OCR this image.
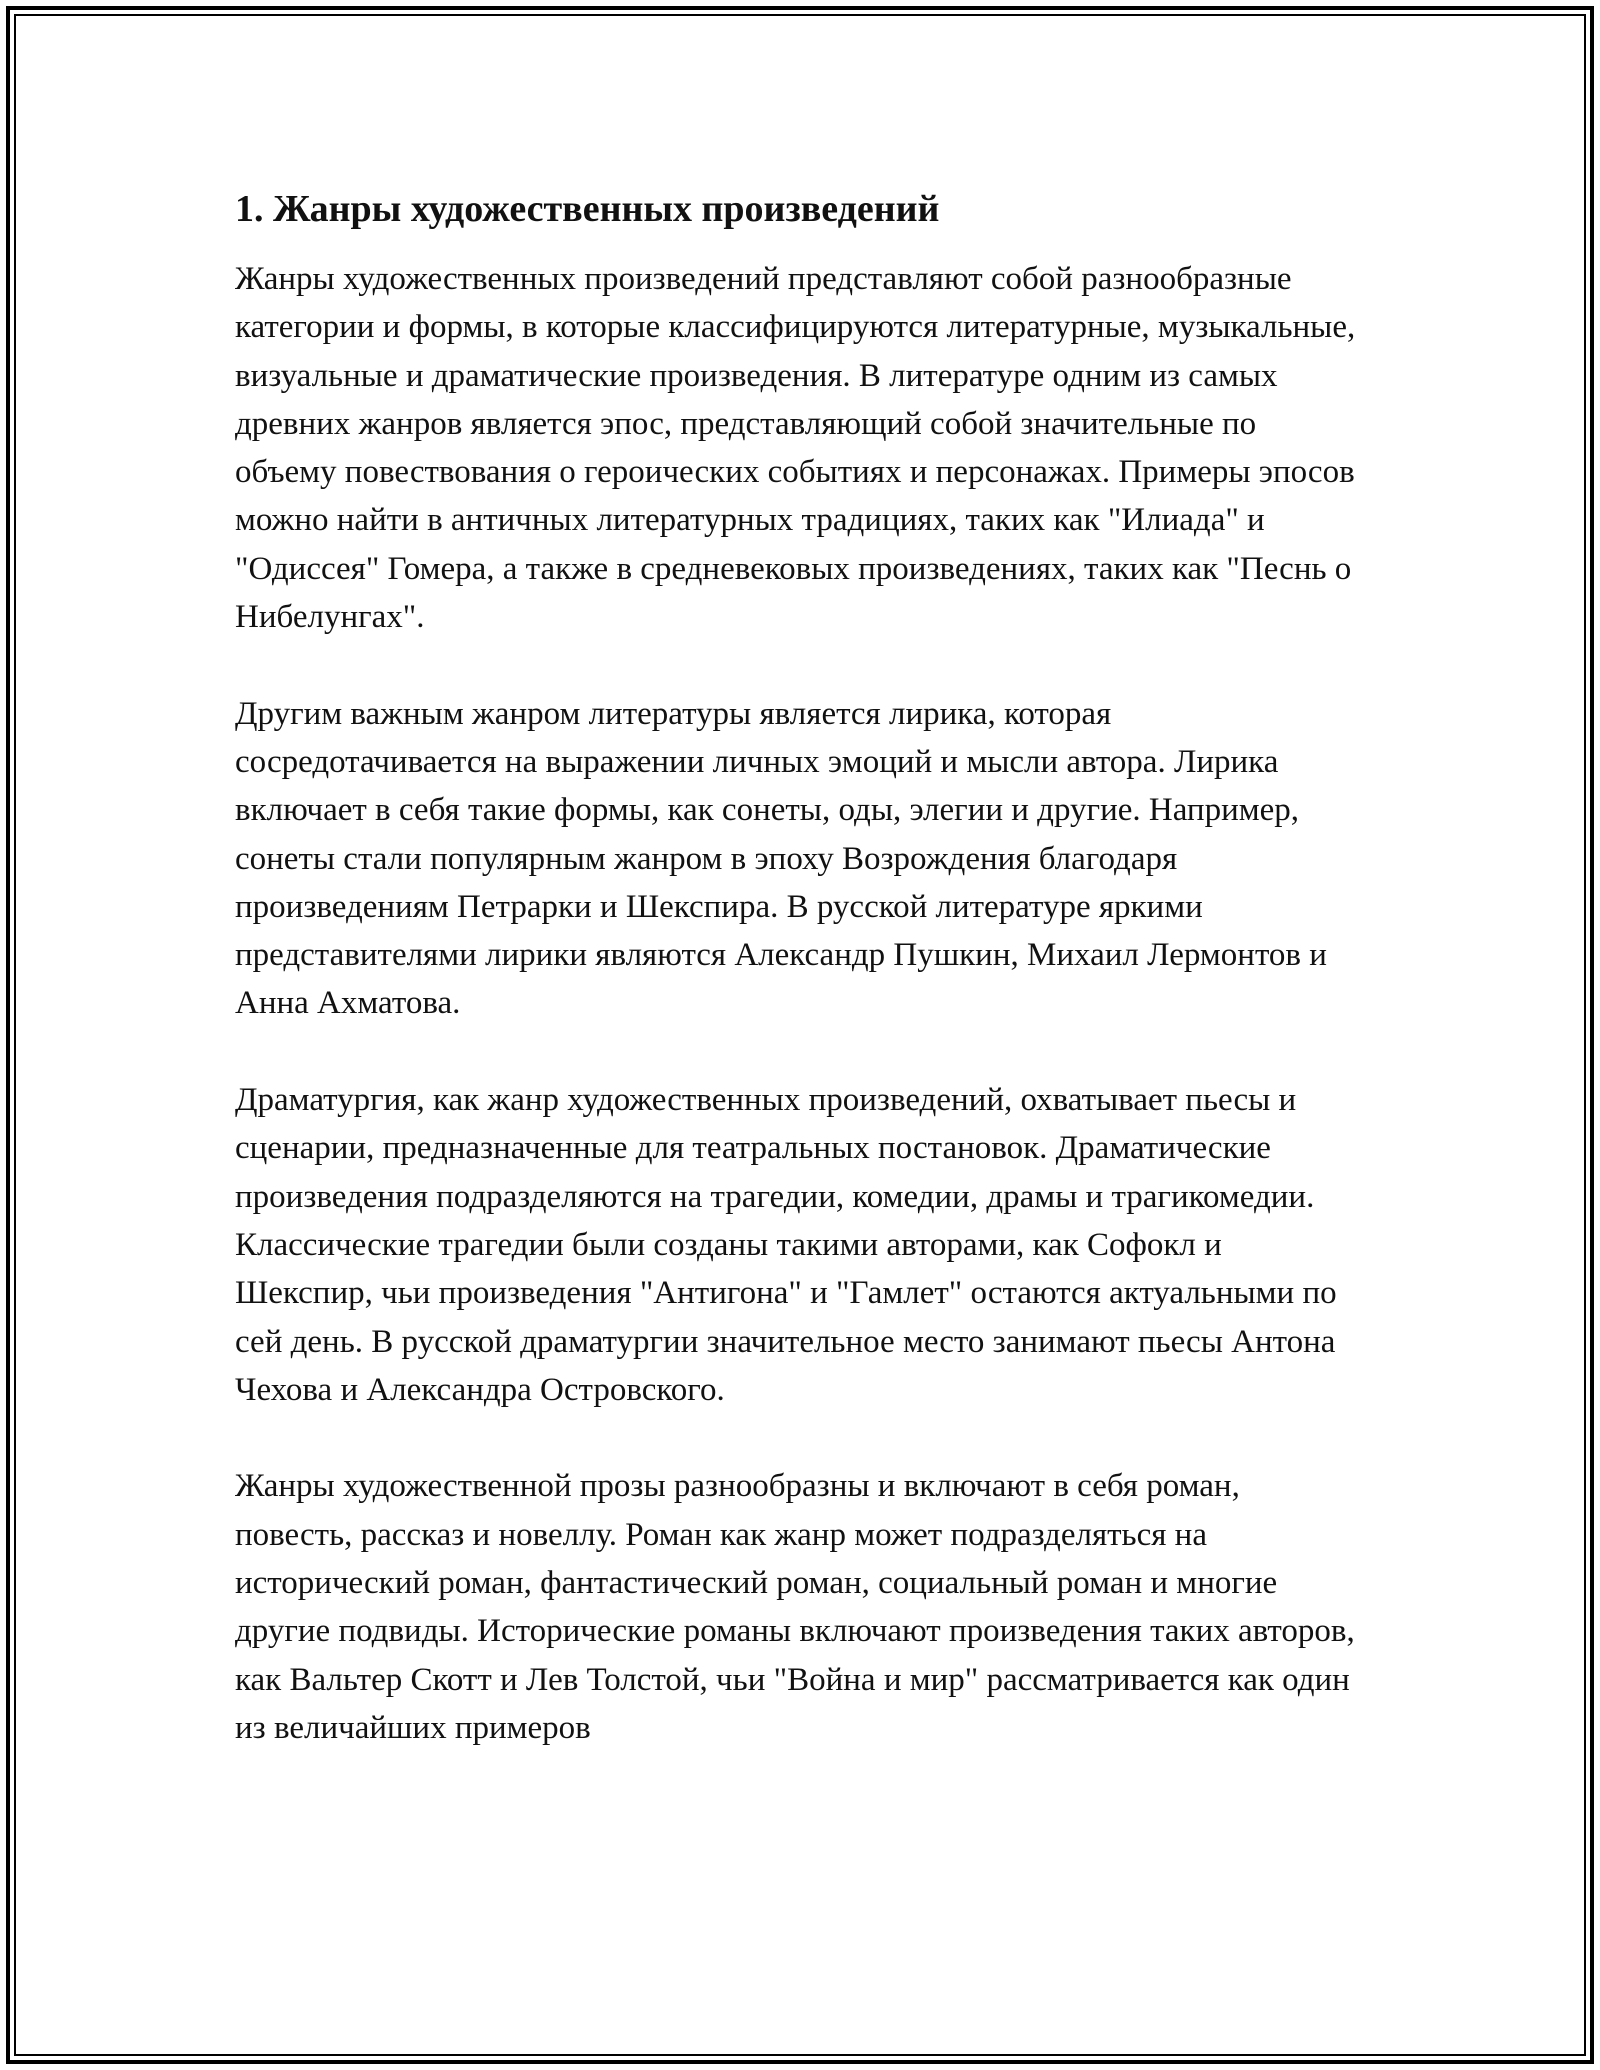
1. Жанры художественных произведений

Жанры художественных произведений представляют собой разнообразные категории и формы, в которые классифицируются литературные, музыкальные, визуальные и драматические произведения. В литературе одним из самых древних жанров является эпос, представляющий собой значительные по объему повествования о героических событиях и персонажах. Примеры эпосов можно найти в античных литературных традициях, таких как "Илиада" и "Одиссея" Гомера, а также в средневековых произведениях, таких как "Песнь о Нибелунгах".

Другим важным жанром литературы является лирика, которая сосредотачивается на выражении личных эмоций и мысли автора. Лирика включает в себя такие формы, как сонеты, оды, элегии и другие. Например, сонеты стали популярным жанром в эпоху Возрождения благодаря произведениям Петрарки и Шекспира. В русской литературе яркими представителями лирики являются Александр Пушкин, Михаил Лермонтов и Анна Ахматова.

Драматургия, как жанр художественных произведений, охватывает пьесы и сценарии, предназначенные для театральных постановок. Драматические произведения подразделяются на трагедии, комедии, драмы и трагикомедии. Классические трагедии были созданы такими авторами, как Софокл и Шекспир, чьи произведения "Антигона" и "Гамлет" остаются актуальными по сей день. В русской драматургии значительное место занимают пьесы Антона Чехова и Александра Островского.

Жанры художественной прозы разнообразны и включают в себя роман, повесть, рассказ и новеллу. Роман как жанр может подразделяться на исторический роман, фантастический роман, социальный роман и многие другие подвиды. Исторические романы включают произведения таких авторов, как Вальтер Скотт и Лев Толстой, чьи "Война и мир" рассматривается как один из величайших примеров
